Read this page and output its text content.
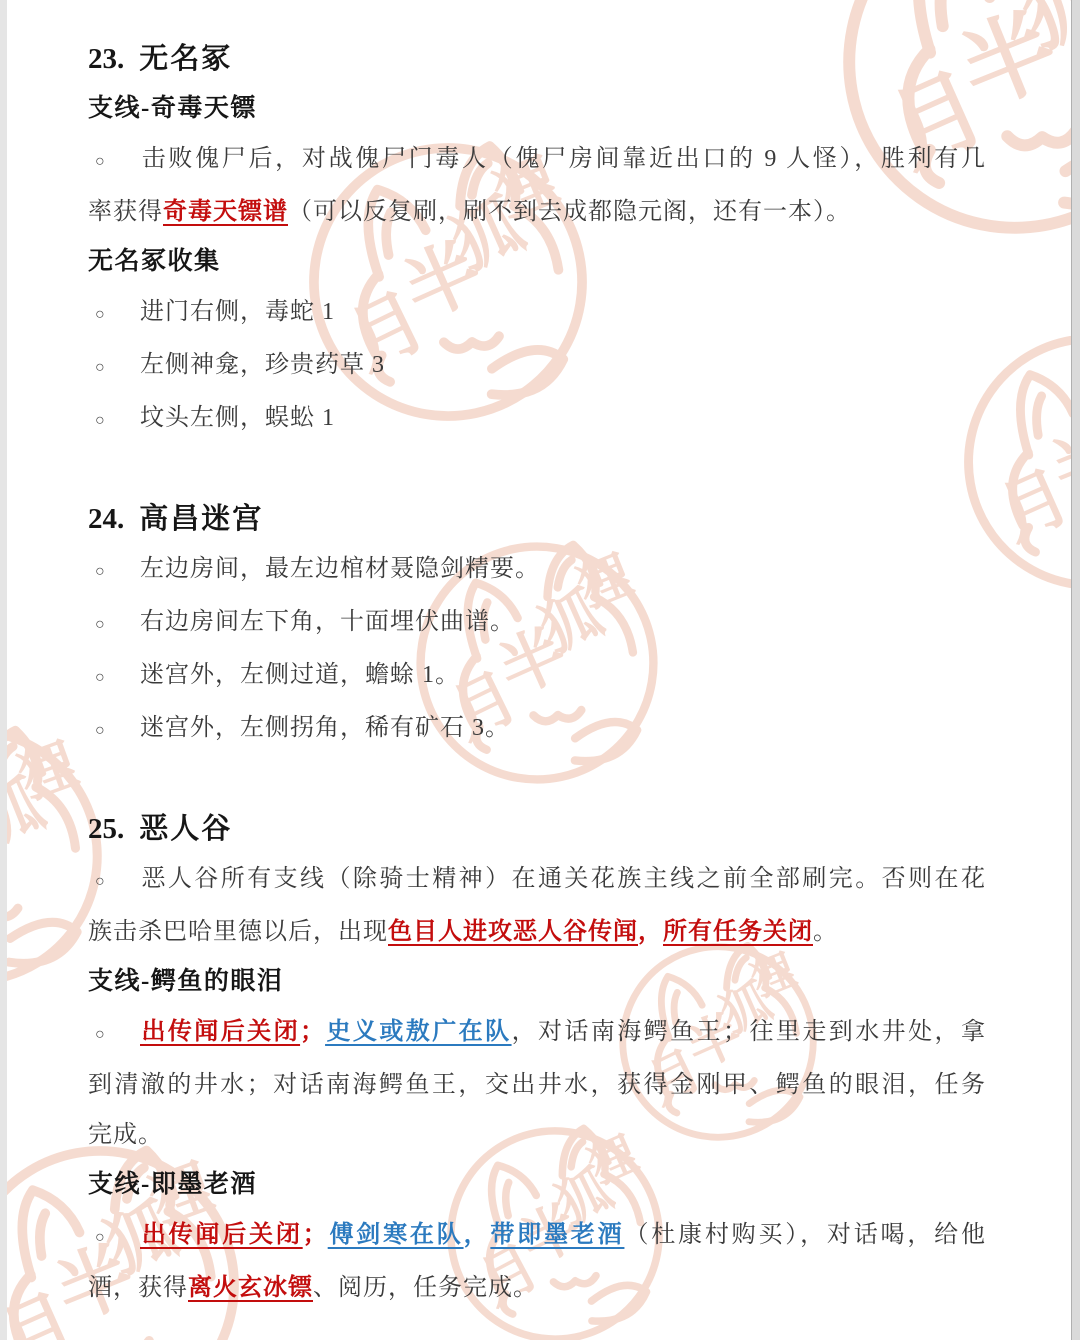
23. 无名冢
支线-奇毒天镖
○ 击败傀尸后，对战傀尸门毒人（傀尸房间靠近出口的 9 人怪），胜利有几
率获得奇毒天镖谱（可以反复刷，刷不到去成都隐元阁，还有一本）。
无名冢收集
○ 进门右侧，毒蛇 1
○ 左侧神龛，珍贵药草 3
○ 坟头左侧，蜈蚣 1
24. 高昌迷宫
○ 左边房间，最左边棺材聂隐剑精要。
○ 右边房间左下角，十面埋伏曲谱。
○ 迷宫外，左侧过道，蟾蜍 1。
○ 迷宫外，左侧拐角，稀有矿石 3。
25. 恶人谷
○ 恶人谷所有支线（除骑士精神）在通关花族主线之前全部刷完。否则在花
族击杀巴哈里德以后，出现色目人进攻恶人谷传闻，所有任务关闭。
支线-鳄鱼的眼泪
○ 出传闻后关闭；史义或敖广在队，对话南海鳄鱼王；往里走到水井处，拿
到清澈的井水；对话南海鳄鱼王，交出井水，获得金刚甲、鳄鱼的眼泪，任务
完成。
支线-即墨老酒
○ 出传闻后关闭；傅剑寒在队，带即墨老酒（杜康村购买），对话喝，给他
酒，获得离火玄冰镖、阅历，任务完成。
